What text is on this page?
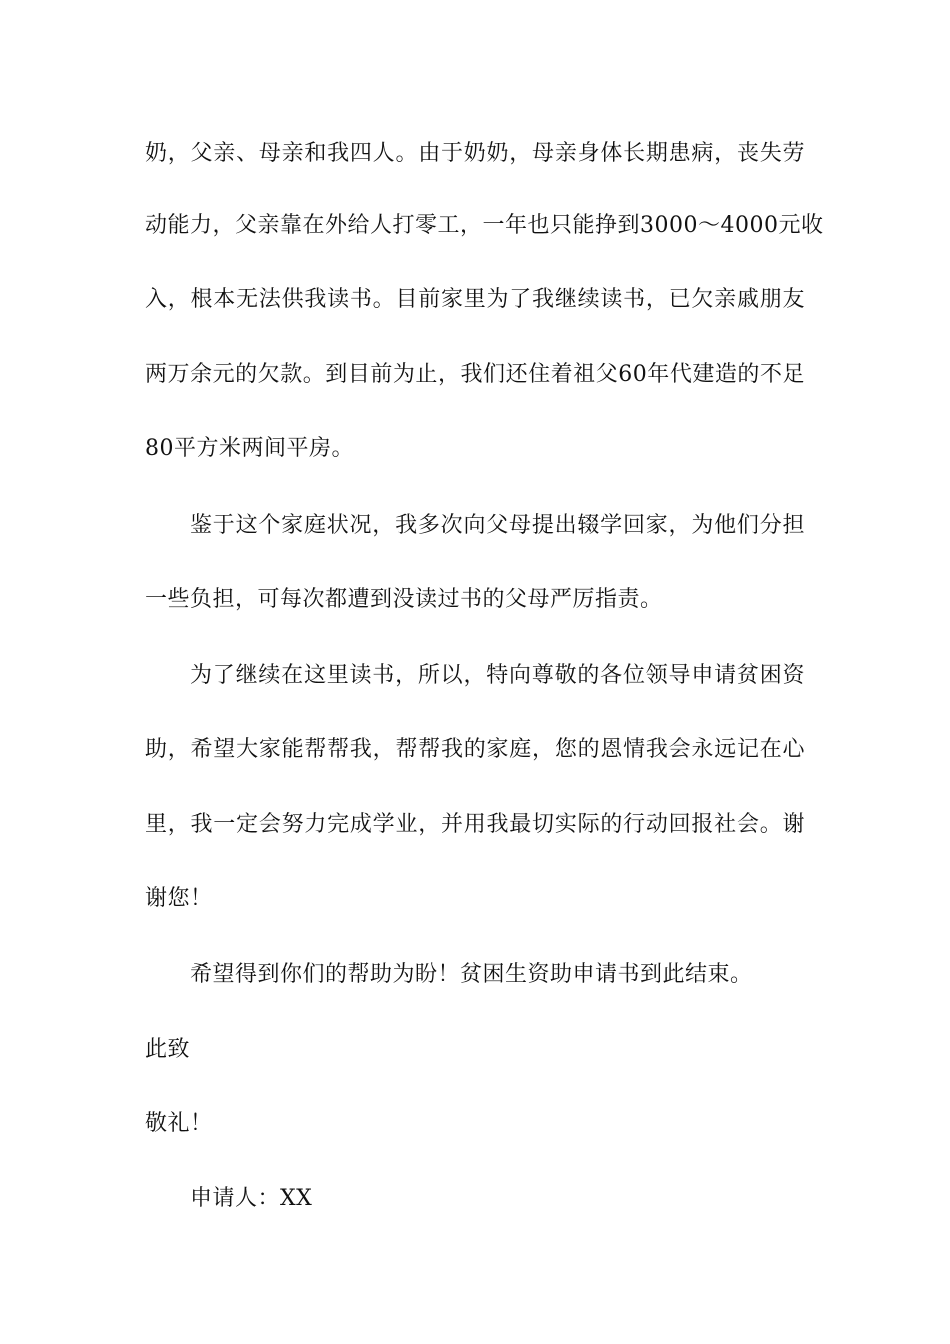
奶，父亲、母亲和我四人。由于奶奶，母亲身体长期患病，丧失劳
动能力，父亲靠在外给人打零工，一年也只能挣到3000～4000元收
入，根本无法供我读书。目前家里为了我继续读书，已欠亲戚朋友
两万余元的欠款。到目前为止，我们还住着祖父60年代建造的不足
80平方米两间平房。
鉴于这个家庭状况，我多次向父母提出辍学回家，为他们分担
一些负担，可每次都遭到没读过书的父母严厉指责。
为了继续在这里读书，所以，特向尊敬的各位领导申请贫困资
助，希望大家能帮帮我，帮帮我的家庭，您的恩情我会永远记在心
里，我一定会努力完成学业，并用我最切实际的行动回报社会。谢
谢您！
希望得到你们的帮助为盼！贫困生资助申请书到此结束。
此致
敬礼！
申请人：XX
